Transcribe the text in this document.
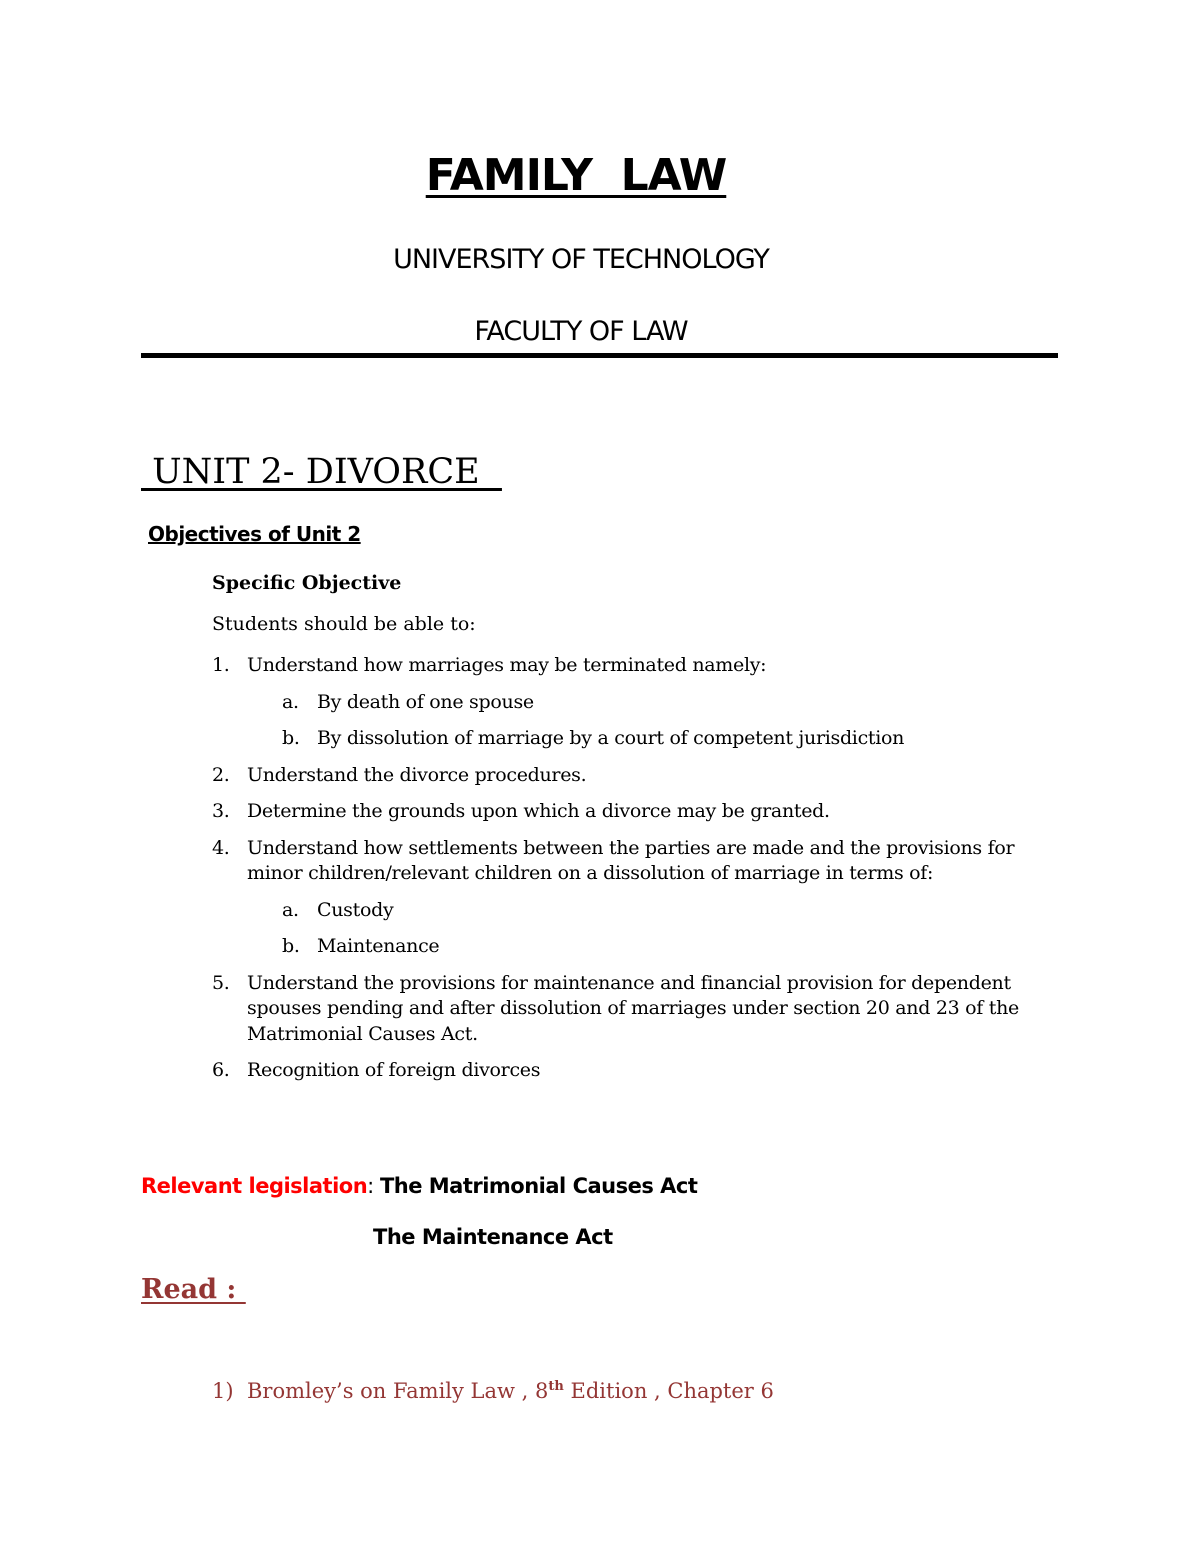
FAMILY  LAW
UNIVERSITY OF TECHNOLOGY
FACULTY OF LAW
UNIT 2- DIVORCE
Objectives of Unit 2
Specific Objective
Students should be able to:
1. Understand how marriages may be terminated namely:
a. By death of one spouse
b. By dissolution of marriage by a court of competent jurisdiction
2. Understand the divorce procedures.
3. Determine the grounds upon which a divorce may be granted.
4. Understand how settlements between the parties are made and the provisions for minor children/relevant children on a dissolution of marriage in terms of:
a. Custody
b. Maintenance
5. Understand the provisions for maintenance and financial provision for dependent spouses pending and after dissolution of marriages under section 20 and 23 of the Matrimonial Causes Act.
6. Recognition of foreign divorces
Relevant legislation: The Matrimonial Causes Act
The Maintenance Act
Read :

1) Bromley’s on Family Law , 8th Edition , Chapter 6
